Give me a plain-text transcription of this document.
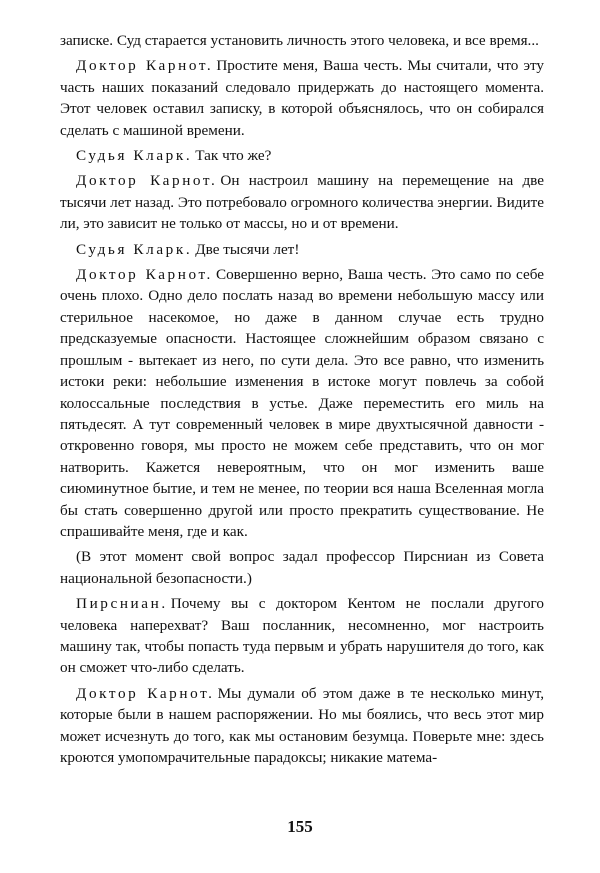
записке. Суд старается установить личность этого человека, и все время...

Доктор Карнот. Простите меня, Ваша честь. Мы считали, что эту часть наших показаний следовало придержать до настоящего момента. Этот человек оставил записку, в которой объяснялось, что он собирался сделать с машиной времени.

Судья Кларк. Так что же?

Доктор Карнот. Он настроил машину на перемещение на две тысячи лет назад. Это потребовало огромного количества энергии. Видите ли, это зависит не только от массы, но и от времени.

Судья Кларк. Две тысячи лет!

Доктор Карнот. Совершенно верно, Ваша честь. Это само по себе очень плохо. Одно дело послать назад во времени небольшую массу или стерильное насекомое, но даже в данном случае есть трудно предсказуемые опасности. Настоящее сложнейшим образом связано с прошлым - вытекает из него, по сути дела. Это все равно, что изменить истоки реки: небольшие изменения в истоке могут повлечь за собой колоссальные последствия в устье. Даже переместить его миль на пятьдесят. А тут современный человек в мире двухтысячной давности - откровенно говоря, мы просто не можем себе представить, что он мог натворить. Кажется невероятным, что он мог изменить ваше сиюминутное бытие, и тем не менее, по теории вся наша Вселенная могла бы стать совершенно другой или просто прекратить существование. Не спрашивайте меня, где и как.

(В этот момент свой вопрос задал профессор Пирсниан из Совета национальной безопасности.)

Пирсниан. Почему вы с доктором Кентом не послали другого человека наперехват? Ваш посланник, несомненно, мог настроить машину так, чтобы попасть туда первым и убрать нарушителя до того, как он сможет что-либо сделать.

Доктор Карнот. Мы думали об этом даже в те несколько минут, которые были в нашем распоряжении. Но мы боялись, что весь этот мир может исчезнуть до того, как мы остановим безумца. Поверьте мне: здесь кроются умопомрачительные парадоксы; никакие матема-

155
